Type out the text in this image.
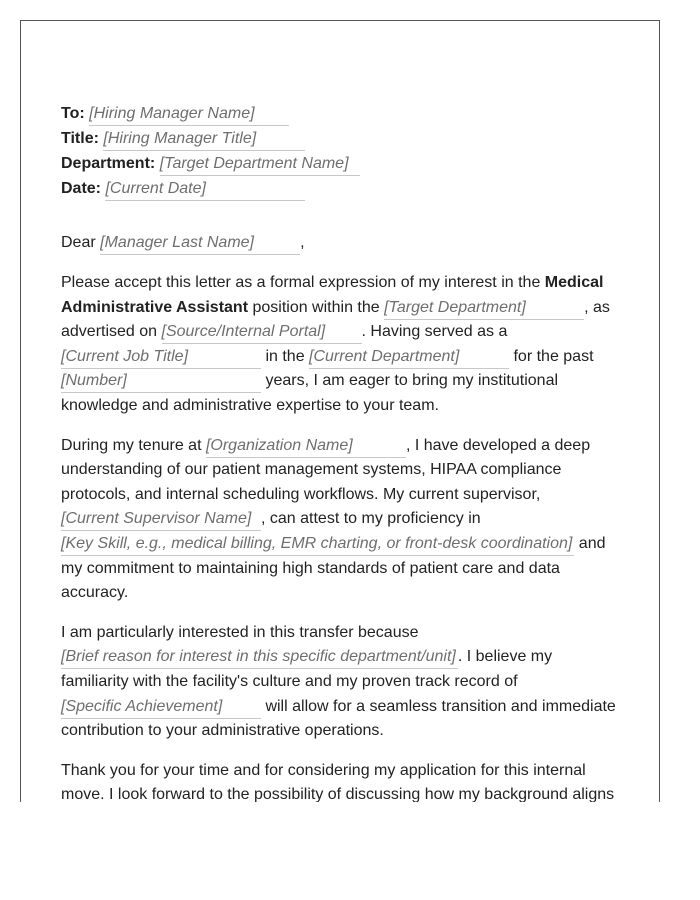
To: [Hiring Manager Name]
Title: [Hiring Manager Title]
Department: [Target Department Name]
Date: [Current Date]
Dear [Manager Last Name]	,

Please accept this letter as a formal expression of my interest in the Medical Administrative Assistant position within the [Target Department]	, as advertised on [Source/Internal Portal] . Having served as a [Current Job Title]	in the [Current Department]	for the past [Number]	years, I am eager to bring my institutional knowledge and administrative expertise to your team.

During my tenure at [Organization Name]	, I have developed a deep understanding of our patient management systems, HIPAA compliance protocols, and internal scheduling workflows. My current supervisor, [Current Supervisor Name] , can attest to my proficiency in [Key Skill, e.g., medical billing, EMR charting, or front-desk coordination] and my commitment to maintaining high standards of patient care and data accuracy.

I am particularly interested in this transfer because [Brief reason for interest in this specific department/unit] . I believe my familiarity with the facility's culture and my proven track record of [Specific Achievement] will allow for a seamless transition and immediate contribution to your administrative operations.

Thank you for your time and for considering my application for this internal move. I look forward to the possibility of discussing how my background aligns
